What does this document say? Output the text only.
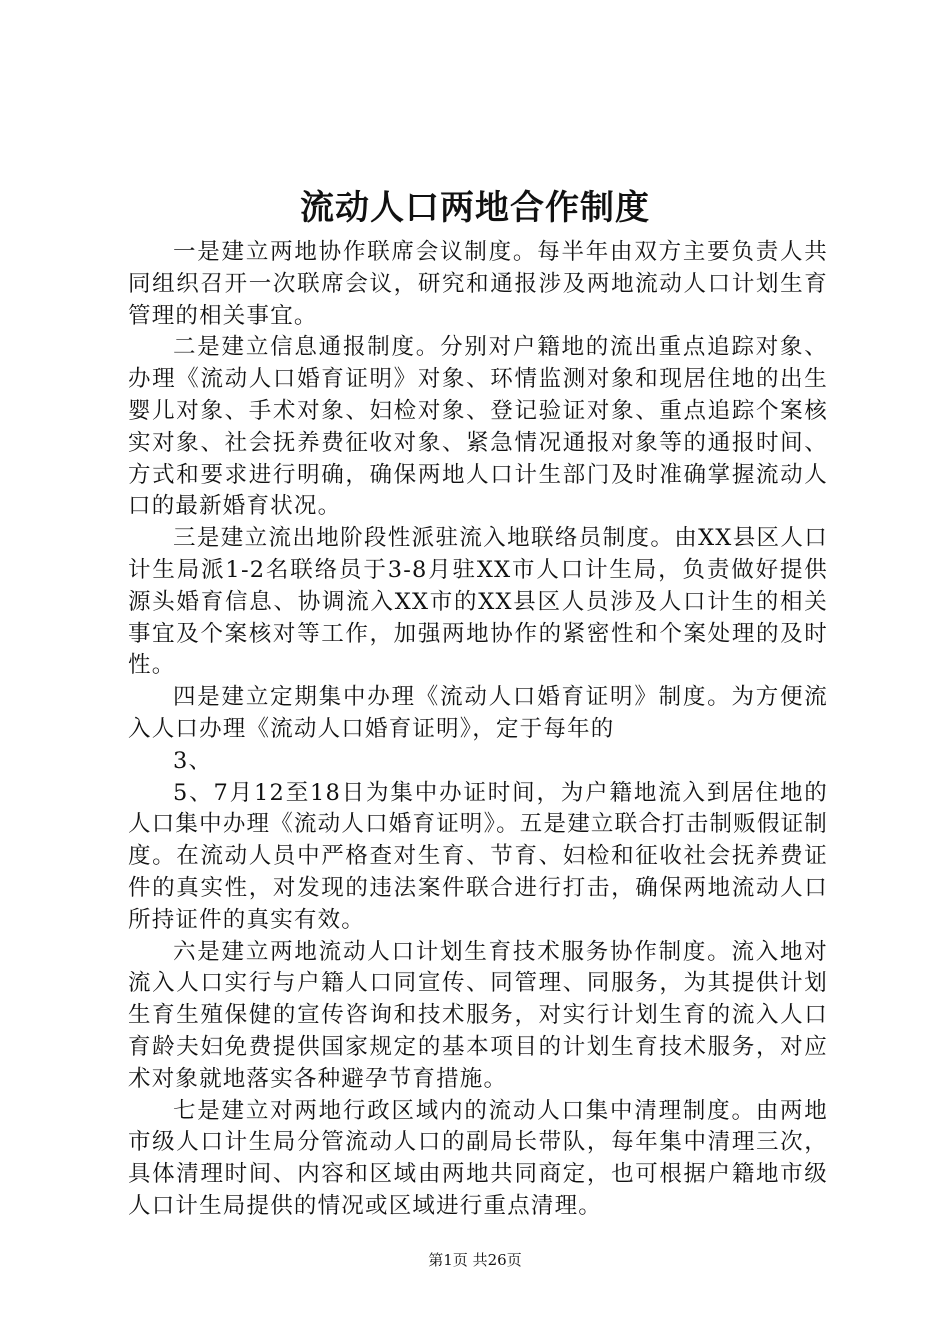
流动人口两地合作制度

一是建立两地协作联席会议制度。每半年由双方主要负责人共同组织召开一次联席会议，研究和通报涉及两地流动人口计划生育管理的相关事宜。

二是建立信息通报制度。分别对户籍地的流出重点追踪对象、办理《流动人口婚育证明》对象、环情监测对象和现居住地的出生婴儿对象、手术对象、妇检对象、登记验证对象、重点追踪个案核实对象、社会抚养费征收对象、紧急情况通报对象等的通报时间、方式和要求进行明确，确保两地人口计生部门及时准确掌握流动人口的最新婚育状况。

三是建立流出地阶段性派驻流入地联络员制度。由XX县区人口计生局派1-2名联络员于3-8月驻XX市人口计生局，负责做好提供源头婚育信息、协调流入XX市的XX县区人员涉及人口计生的相关事宜及个案核对等工作，加强两地协作的紧密性和个案处理的及时性。

四是建立定期集中办理《流动人口婚育证明》制度。为方便流入人口办理《流动人口婚育证明》，定于每年的

3、

5、7月12至18日为集中办证时间，为户籍地流入到居住地的人口集中办理《流动人口婚育证明》。五是建立联合打击制贩假证制度。在流动人员中严格查对生育、节育、妇检和征收社会抚养费证件的真实性，对发现的违法案件联合进行打击，确保两地流动人口所持证件的真实有效。

六是建立两地流动人口计划生育技术服务协作制度。流入地对流入人口实行与户籍人口同宣传、同管理、同服务，为其提供计划生育生殖保健的宣传咨询和技术服务，对实行计划生育的流入人口育龄夫妇免费提供国家规定的基本项目的计划生育技术服务，对应术对象就地落实各种避孕节育措施。

七是建立对两地行政区域内的流动人口集中清理制度。由两地市级人口计生局分管流动人口的副局长带队，每年集中清理三次，具体清理时间、内容和区域由两地共同商定，也可根据户籍地市级人口计生局提供的情况或区域进行重点清理。

第1页 共26页
